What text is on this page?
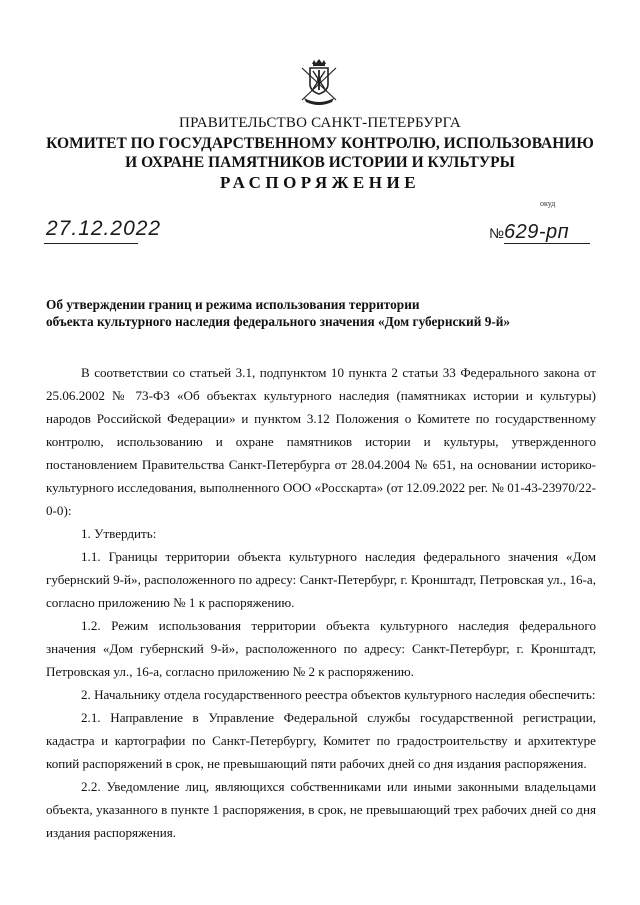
ПРАВИТЕЛЬСТВО САНКТ-ПЕТЕРБУРГА
КОМИТЕТ ПО ГОСУДАРСТВЕННОМУ КОНТРОЛЮ, ИСПОЛЬЗОВАНИЮ
И ОХРАНЕ ПАМЯТНИКОВ ИСТОРИИ И КУЛЬТУРЫ
РАСПОРЯЖЕНИЕ
окуд
27.12.2022	№629-рп
Об утверждении границ и режима использования территории
объекта культурного наследия федерального значения «Дом губернский 9-й»

В соответствии со статьей 3.1, подпунктом 10 пункта 2 статьи 33 Федерального закона от 25.06.2002 № 73-ФЗ «Об объектах культурного наследия (памятниках истории и культуры) народов Российской Федерации» и пунктом 3.12 Положения о Комитете по государственному контролю, использованию и охране памятников истории и культуры, утвержденного постановлением Правительства Санкт-Петербурга от 28.04.2004 № 651, на основании историко-культурного исследования, выполненного ООО «Росскарта» (от 12.09.2022 рег. № 01-43-23970/22-0-0):

1. Утвердить:

1.1. Границы территории объекта культурного наследия федерального значения «Дом губернский 9-й», расположенного по адресу: Санкт-Петербург, г. Кронштадт, Петровская ул., 16-а, согласно приложению № 1 к распоряжению.

1.2. Режим использования территории объекта культурного наследия федерального значения «Дом губернский 9-й», расположенного по адресу: Санкт-Петербург, г. Кронштадт, Петровская ул., 16-а, согласно приложению № 2 к распоряжению.

2. Начальнику отдела государственного реестра объектов культурного наследия обеспечить:

2.1. Направление в Управление Федеральной службы государственной регистрации, кадастра и картографии по Санкт-Петербургу, Комитет по градостроительству и архитектуре копий распоряжений в срок, не превышающий пяти рабочих дней со дня издания распоряжения.

2.2. Уведомление лиц, являющихся собственниками или иными законными владельцами объекта, указанного в пункте 1 распоряжения, в срок, не превышающий трех рабочих дней со дня издания распоряжения.
